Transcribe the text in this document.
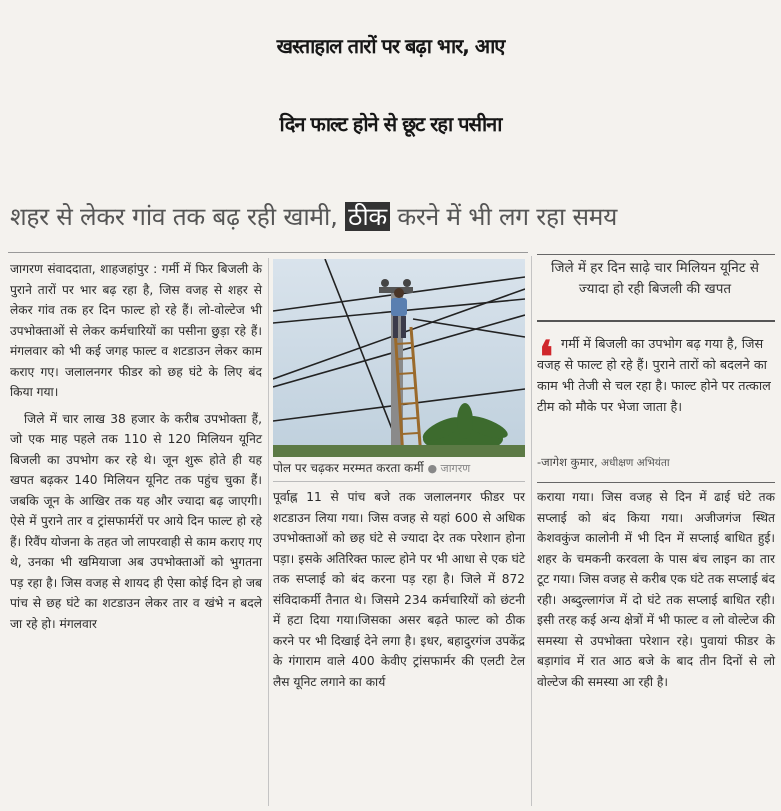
खस्ताहाल तारों पर बढ़ा भार, आए
दिन फाल्ट होने से छूट रहा पसीना
शहर से लेकर गांव तक बढ़ रही खामी, ठीक करने में भी लग रहा समय

जागरण संवाददाता, शाहजहांपुर : गर्मी में फिर बिजली के पुराने तारों पर भार बढ़ रहा है, जिस वजह से शहर से लेकर गांव तक हर दिन फाल्ट हो रहे हैं। लो-वोल्टेज भी उपभोक्ताओं से लेकर कर्मचारियों का पसीना छुड़ा रहे हैं। मंगलवार को भी कई जगह फाल्ट व शटडाउन लेकर काम कराए गए। जलालनगर फीडर को छह घंटे के लिए बंद किया गया।

जिले में चार लाख 38 हजार के करीब उपभोक्ता हैं, जो एक माह पहले तक 110 से 120 मिलियन यूनिट बिजली का उपभोग कर रहे थे। जून शुरू होते ही यह खपत बढ़कर 140 मिलियन यूनिट तक पहुंच चुका हैं। जबकि जून के आखिर तक यह और ज्यादा बढ़ जाएगी। ऐसे में पुराने तार व ट्रांसफार्मरों पर आये दिन फाल्ट हो रहे हैं। रिवैंप योजना के तहत जो लापरवाही से काम कराए गए थे, उनका भी खमियाजा अब उपभोक्ताओं को भुगतना पड़ रहा है। जिस वजह से शायद ही ऐसा कोई दिन हो जब पांच से छह घंटे का शटडाउन लेकर तार व खंभे न बदले जा रहे हो। मंगलवार

पोल पर चढ़कर मरम्मत करता कर्मी ● जागरण

पूर्वाह्न 11 से पांच बजे तक जलालनगर फीडर पर शटडाउन लिया गया। जिस वजह से यहां 600 से अधिक उपभोक्ताओं को छह घंटे से ज्यादा देर तक परेशान होना पड़ा। इसके अतिरिक्त फाल्ट होने पर भी आधा से एक घंटे तक सप्लाई को बंद करना पड़ रहा है। जिले में 872 संविदाकर्मी तैनात थे। जिसमे 234 कर्मचारियों को छंटनी में हटा दिया गया।जिसका असर बढ़ते फाल्ट को ठीक करने पर भी दिखाई देने लगा है। इधर, बहादुरगंज उपकेंद्र के गंगाराम वाले 400 केवीए ट्रांसफार्मर की एलटी टेल लैस यूनिट लगाने का कार्य

जिले में हर दिन साढ़े चार मिलियन यूनिट से ज्यादा हो रही बिजली की खपत
❛ गर्मी में बिजली का उपभोग बढ़ गया है, जिस वजह से फाल्ट हो रहे हैं। पुराने तारों को बदलने का काम भी तेजी से चल रहा है। फाल्ट होने पर तत्काल टीम को मौके पर भेजा जाता है।
-जागेश कुमार, अधीक्षण अभियंता

कराया गया। जिस वजह से दिन में ढाई घंटे तक सप्लाई को बंद किया गया। अजीजगंज स्थित केशवकुंज कालोनी में भी दिन में सप्लाई बाधित हुई। शहर के चमकनी करवला के पास बंच लाइन का तार टूट गया। जिस वजह से करीब एक घंटे तक सप्लाई बंद रही। अब्दुल्लागंज में दो घंटे तक सप्लाई बाधित रही। इसी तरह कई अन्य क्षेत्रों में भी फाल्ट व लो वोल्टेज की समस्या से उपभोक्ता परेशान रहे। पुवायां फीडर के बड़ागांव में रात आठ बजे के बाद तीन दिनों से लो वोल्टेज की समस्या आ रही है।
